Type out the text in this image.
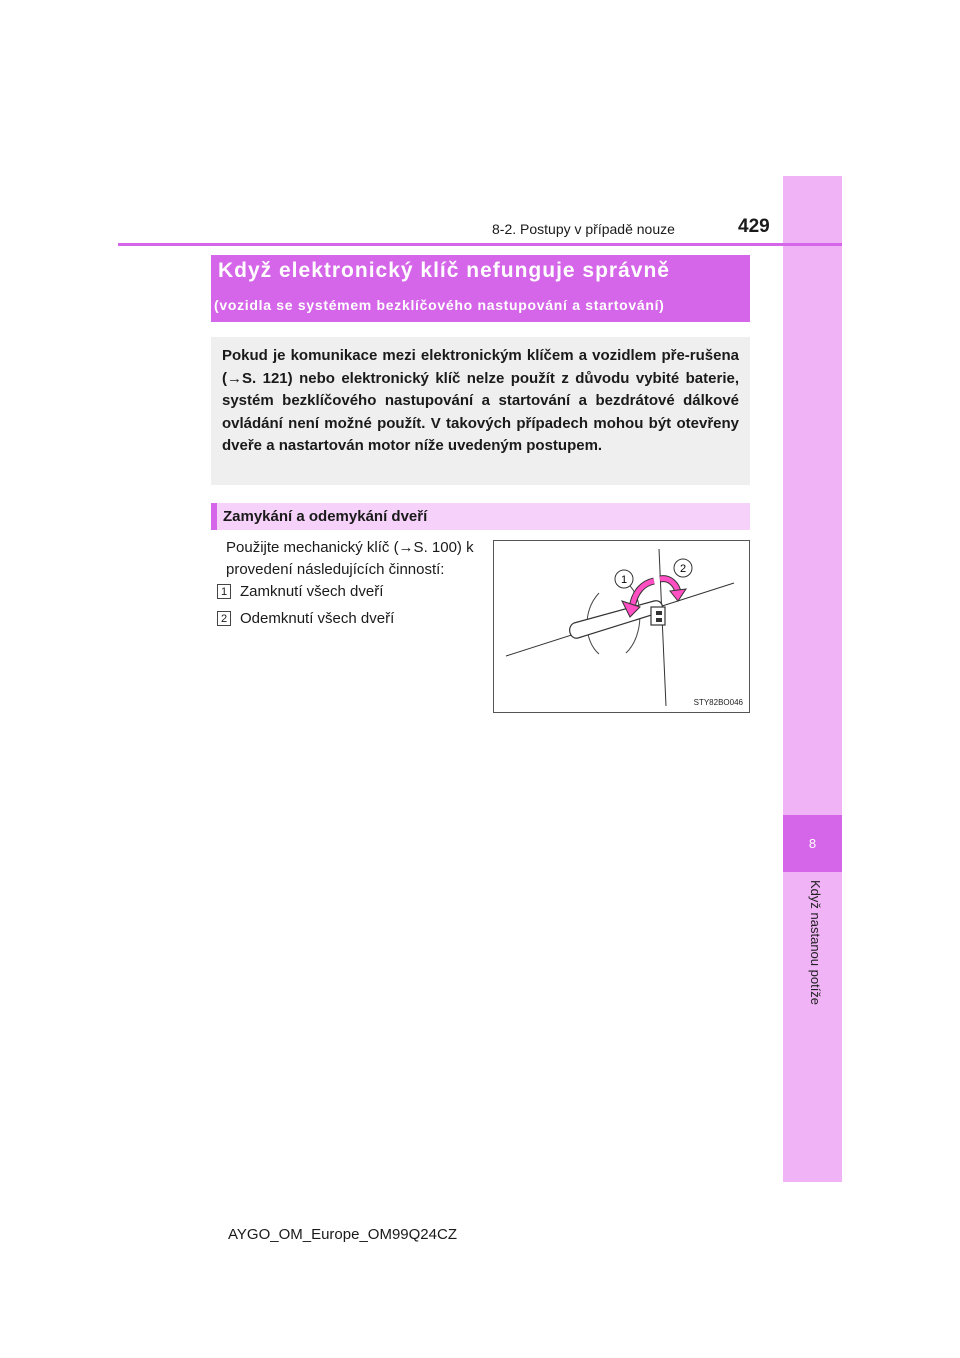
8
Když nastanou potíže
8-2. Postupy v případě nouze	429
Když elektronický klíč nefunguje správně
(vozidla se systémem bezklíčového nastupování a startování)
Pokud je komunikace mezi elektronickým klíčem a vozidlem pře-rušena (→S. 121) nebo elektronický klíč nelze použít z důvodu vybité baterie, systém bezklíčového nastupování a startování a bezdrátové dálkové ovládání není možné použít. V takových případech mohou být otevřeny dveře a nastartován motor níže uvedeným postupem.
Zamykání a odemykání dveří
Použijte mechanický klíč (→S. 100) k provedení následujících činností:
1 Zamknutí všech dveří
2 Odemknutí všech dveří
1
2
STY82BO046
AYGO_OM_Europe_OM99Q24CZ
